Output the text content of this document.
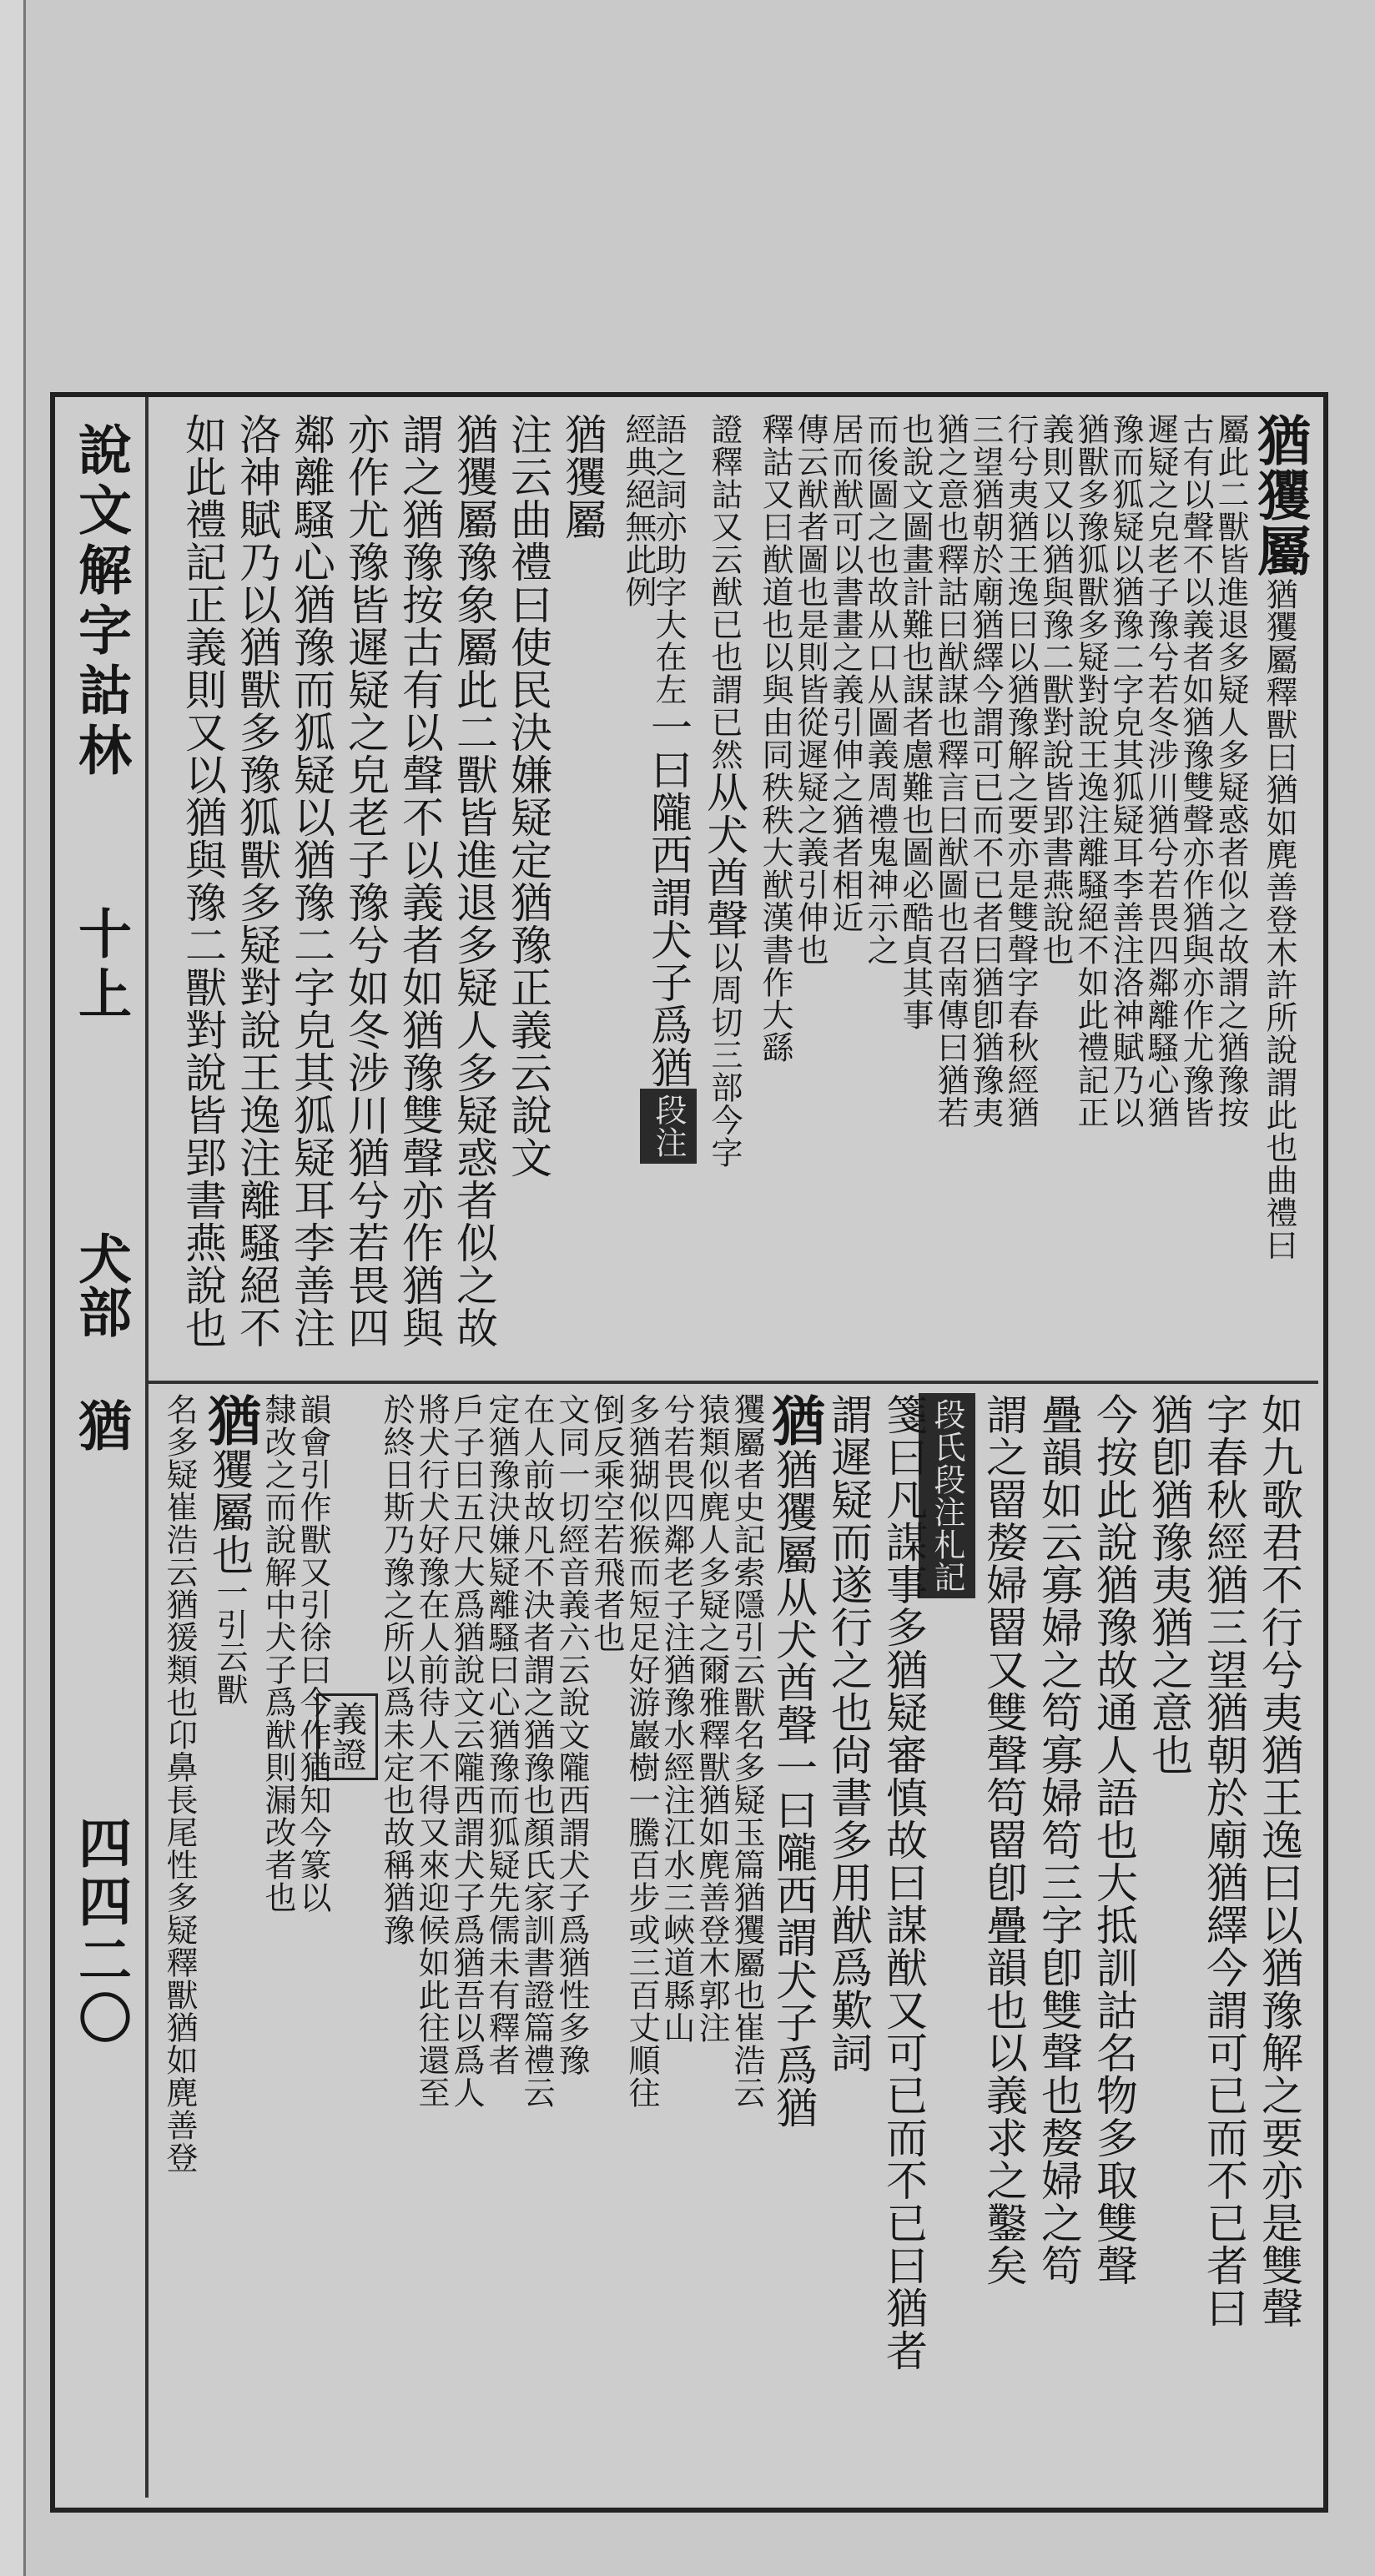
說文解字詁林
十上
犬部
猶
四四二〇
猶玃屬猶玃屬釋獸曰猶如麂善登木許所說謂此也曲禮曰
屬此二獸皆進退多疑人多疑惑者似之故謂之猶豫按
古有以聲不以義者如猶豫雙聲亦作猶與亦作尤豫皆
遲疑之皃老子豫兮若冬涉川猶兮若畏四鄰離騷心猶
豫而狐疑以猶豫二字皃其狐疑耳李善注洛神賦乃以
猶獸多豫狐獸多疑對說王逸注離騷絕不如此禮記正
義則又以猶與豫二獸對說皆郢書燕說也
行兮夷猶王逸曰以猶豫解之要亦是雙聲字春秋經猶
三望猶朝於廟猶繹今謂可已而不已者曰猶卽猶豫夷
猶之意也釋詁曰猷謀也釋言曰猷圖也召南傳曰猶若
也說文圖畫計難也謀者慮難也圖必酷貞其事
而後圖之也故从口从圖義周禮鬼神示之
居而猷可以書畫之義引伸之猶者相近
傳云猷者圖也是則皆從遲疑之義引伸也
釋詁又曰猷道也以與由同秩秩大猷漢書作大繇
證釋詁又云猷已也謂已然从犬酋聲以周切三部今字
語之詞亦助字大在左一曰隴西謂犬子爲猶段注
經典絕無此例
猶玃屬
注云曲禮曰使民決嫌疑定猶豫正義云說文
猶玃屬豫象屬此二獸皆進退多疑人多疑惑者似之故
謂之猶豫按古有以聲不以義者如猶豫雙聲亦作猶與
亦作尤豫皆遲疑之皃老子豫兮如冬涉川猶兮若畏四
鄰離騷心猶豫而狐疑以猶豫二字皃其狐疑耳李善注
洛神賦乃以猶獸多豫狐獸多疑對說王逸注離騷絕不
如此禮記正義則又以猶與豫二獸對說皆郢書燕說也
如九歌君不行兮夷猶王逸曰以猶豫解之要亦是雙聲
字春秋經猶三望猶朝於廟猶繹今謂可已而不已者曰
猶卽猶豫夷猶之意也
今按此說猶豫故通人語也大抵訓詁名物多取雙聲
疊韻如云寡婦之笱寡婦笱三字卽雙聲也嫠婦之笱
謂之罶嫠婦罶又雙聲笱罶卽疊韻也以義求之鑿矣
段氏段注札記
箋曰凡謀事多猶疑審慎故曰謀猷又可已而不已曰猶者
謂遲疑而遂行之也尙書多用猷爲歎詞
猶猶玃屬从犬酋聲一曰隴西謂犬子爲猶
玃屬者史記索隱引云獸名多疑玉篇猶玃屬也崔浩云
猿類似麂人多疑之爾雅釋獸猶如麂善登木郭注
兮若畏四鄰老子注猶豫水經注江水三峽道縣山
多猶猢似猴而短足好游巖樹一騰百步或三百丈順往
倒反乘空若飛者也
文同一切經音義六云說文隴西謂犬子爲猶性多豫
在人前故凡不決者謂之猶豫也顏氏家訓書證篇禮云
定猶豫決嫌疑離騷曰心猶豫而狐疑先儒未有釋者
戶子曰五尺大爲猶說文云隴西謂犬子爲猶吾以爲人
將犬行犬好豫在人前待人不得又來迎候如此往還至
於終日斯乃豫之所以爲未定也故稱猶豫
義證
韻會引作獸又引徐曰今作猶知今篆以
隸改之而說解中犬子爲猷則漏改者也
猶玃屬也一引云獸
名多疑崔浩云猶猨類也卬鼻長尾性多疑釋獸猶如麂善登
